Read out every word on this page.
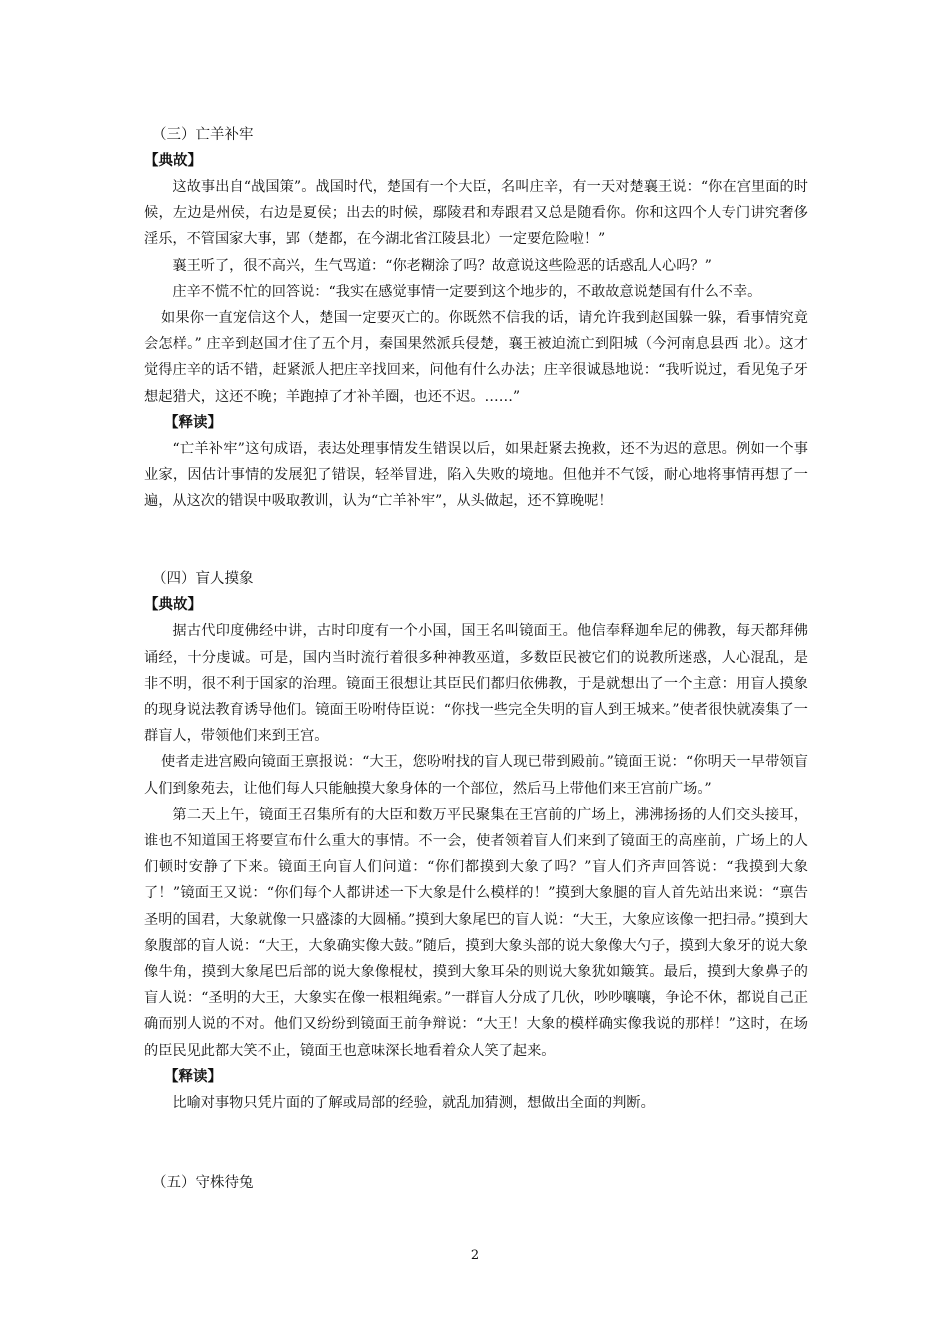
（三）亡羊补牢
【典故】

这故事出自“战国策”。战国时代，楚国有一个大臣，名叫庄辛，有一天对楚襄王说：“你在宫里面的时候，左边是州侯，右边是夏侯；出去的时候，鄢陵君和寿跟君又总是随看你。你和这四个人专门讲究奢侈淫乐，不管国家大事，郢（楚都，在今湖北省江陵县北）一定要危险啦！”

襄王听了，很不高兴，生气骂道：“你老糊涂了吗？故意说这些险恶的话惑乱人心吗？”

庄辛不慌不忙的回答说：“我实在感觉事情一定要到这个地步的，不敢故意说楚国有什么不幸。

如果你一直宠信这个人，楚国一定要灭亡的。你既然不信我的话，请允许我到赵国躲一躲，看事情究竟会怎样。” 庄辛到赵国才住了五个月，秦国果然派兵侵楚，襄王被迫流亡到阳城（今河南息县西 北）。这才觉得庄辛的话不错，赶紧派人把庄辛找回来，问他有什么办法；庄辛很诚恳地说：“我听说过，看见兔子牙想起猎犬，这还不晚；羊跑掉了才补羊圈，也还不迟。……”

【释读】

“亡羊补牢”这句成语，表达处理事情发生错误以后，如果赶紧去挽救，还不为迟的意思。例如一个事业家，因估计事情的发展犯了错误，轻举冒进，陷入失败的境地。但他并不气馁，耐心地将事情再想了一遍，从这次的错误中吸取教训，认为“亡羊补牢”，从头做起，还不算晚呢！

（四）盲人摸象
【典故】

据古代印度佛经中讲，古时印度有一个小国，国王名叫镜面王。他信奉释迦牟尼的佛教，每天都拜佛诵经，十分虔诚。可是，国内当时流行着很多种神教巫道，多数臣民被它们的说教所迷惑，人心混乱，是非不明，很不利于国家的治理。镜面王很想让其臣民们都归依佛教，于是就想出了一个主意：用盲人摸象的现身说法教育诱导他们。镜面王吩咐侍臣说：“你找一些完全失明的盲人到王城来。”使者很快就凑集了一群盲人，带领他们来到王宫。

使者走进宫殿向镜面王禀报说：“大王，您吩咐找的盲人现已带到殿前。”镜面王说：“你明天一早带领盲人们到象苑去，让他们每人只能触摸大象身体的一个部位，然后马上带他们来王宫前广场。”

第二天上午，镜面王召集所有的大臣和数万平民聚集在王宫前的广场上，沸沸扬扬的人们交头接耳，谁也不知道国王将要宣布什么重大的事情。不一会，使者领着盲人们来到了镜面王的高座前，广场上的人们顿时安静了下来。镜面王向盲人们问道：“你们都摸到大象了吗？”盲人们齐声回答说：“我摸到大象了！”镜面王又说：“你们每个人都讲述一下大象是什么模样的！”摸到大象腿的盲人首先站出来说：“禀告圣明的国君，大象就像一只盛漆的大圆桶。”摸到大象尾巴的盲人说：“大王，大象应该像一把扫帚。”摸到大象腹部的盲人说：“大王，大象确实像大鼓。”随后，摸到大象头部的说大象像大勺子，摸到大象牙的说大象像牛角，摸到大象尾巴后部的说大象像棍杖，摸到大象耳朵的则说大象犹如簸箕。最后，摸到大象鼻子的盲人说：“圣明的大王，大象实在像一根粗绳索。”一群盲人分成了几伙，吵吵嚷嚷，争论不休，都说自己正确而别人说的不对。他们又纷纷到镜面王前争辩说：“大王！大象的模样确实像我说的那样！”这时，在场的臣民见此都大笑不止，镜面王也意味深长地看着众人笑了起来。

【释读】

比喻对事物只凭片面的了解或局部的经验，就乱加猜测，想做出全面的判断。

（五）守株待兔
2
